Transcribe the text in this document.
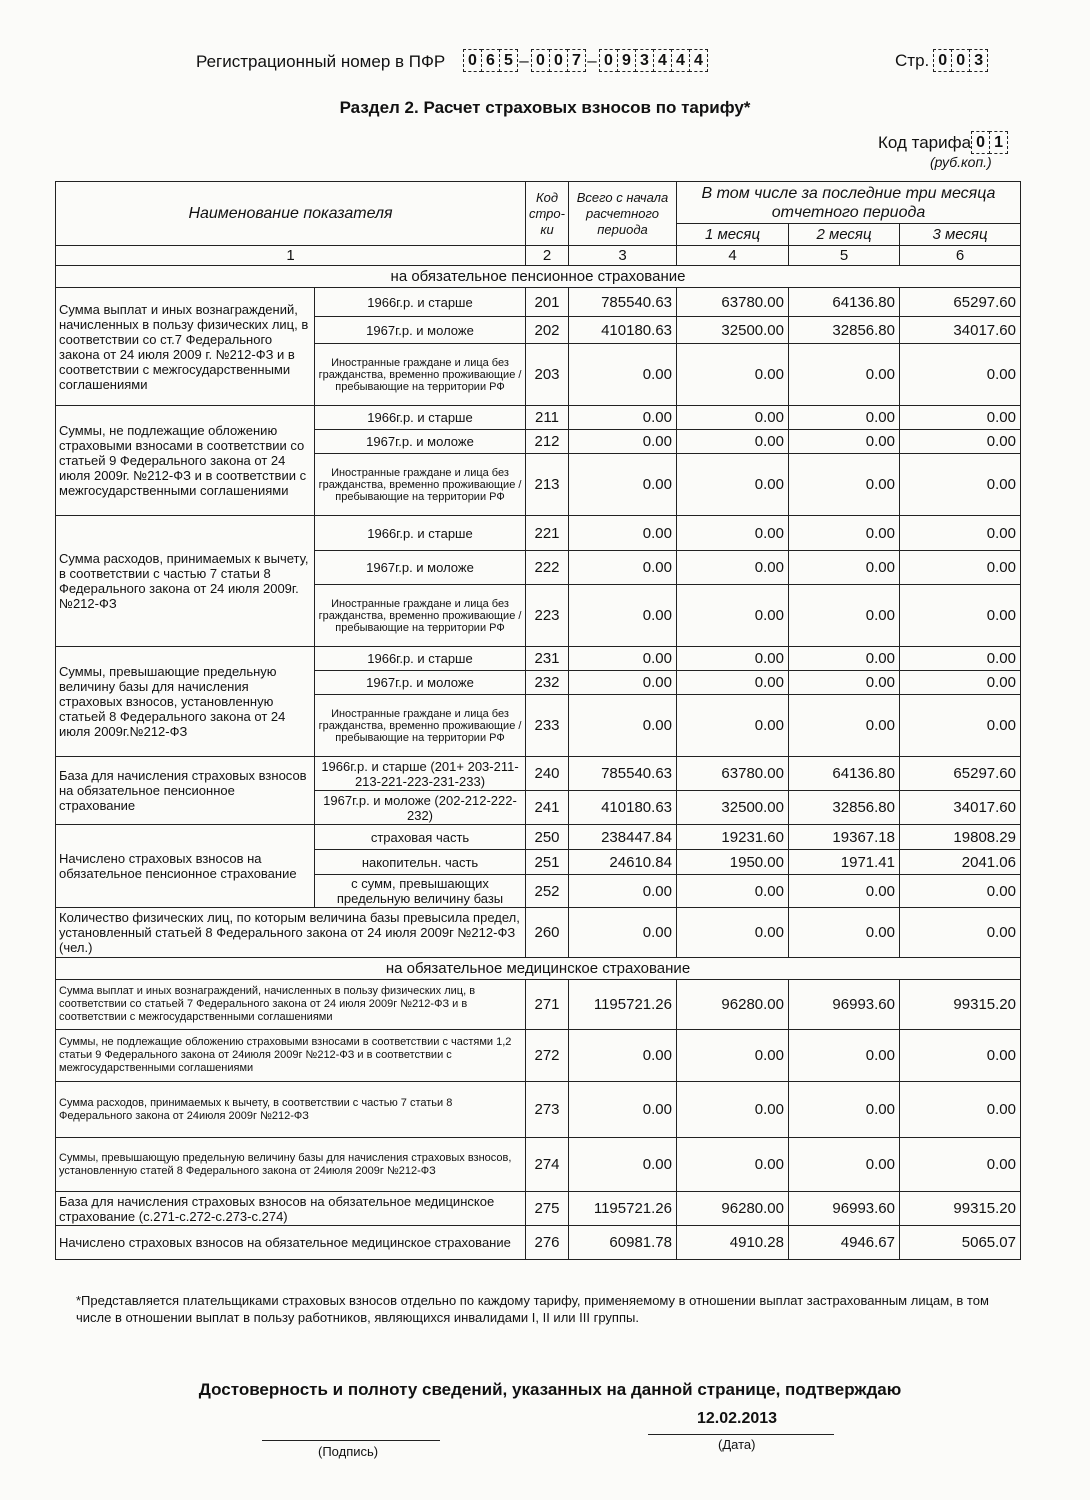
Регистрационный номер в ПФР	0 6 5 – 0 0 7 – 0 9 3 4 4 4	Стр. 0 0 3
Раздел 2. Расчет страховых взносов по тарифу*
Код тарифа 0 1
(руб.коп.)
Наименование показателя		Код стро-ки	Всего с начала расчетного периода	В том числе за последние три месяца отчетного периода		
				1 месяц	2 месяц	3 месяц
1		2	3	4	5	6
на обязательное пенсионное страхование						
Сумма выплат и иных вознаграждений, начисленных в пользу физических лиц, в соответствии со ст.7 Федерального закона от 24 июля 2009 г. №212-ФЗ и в соответствии с межгосударственными соглашениями	1966г.р. и старше	201	785540.63	63780.00	64136.80	65297.60
	1967г.р. и моложе	202	410180.63	32500.00	32856.80	34017.60
	Иностранные граждане и лица без гражданства, временно проживающие / пребывающие на территории РФ	203	0.00	0.00	0.00	0.00
Суммы, не подлежащие обложению страховыми взносами в соответствии со статьей 9 Федерального закона от 24 июля 2009г. №212-ФЗ и в соответствии с межгосударственными соглашениями	1966г.р. и старше	211	0.00	0.00	0.00	0.00
	1967г.р. и моложе	212	0.00	0.00	0.00	0.00
	Иностранные граждане и лица без гражданства, временно проживающие / пребывающие на территории РФ	213	0.00	0.00	0.00	0.00
Сумма расходов, принимаемых к вычету, в соответствии с частью 7 статьи 8 Федерального закона от 24 июля 2009г. №212-ФЗ	1966г.р. и старше	221	0.00	0.00	0.00	0.00
	1967г.р. и моложе	222	0.00	0.00	0.00	0.00
	Иностранные граждане и лица без гражданства, временно проживающие / пребывающие на территории РФ	223	0.00	0.00	0.00	0.00
Суммы, превышающие предельную величину базы для начисления страховых взносов, установленную статьей 8 Федерального закона от 24 июля 2009г.№212-ФЗ	1966г.р. и старше	231	0.00	0.00	0.00	0.00
	1967г.р. и моложе	232	0.00	0.00	0.00	0.00
	Иностранные граждане и лица без гражданства, временно проживающие / пребывающие на территории РФ	233	0.00	0.00	0.00	0.00
База для начисления страховых взносов на обязательное пенсионное страхование	1966г.р. и старше (201+ 203-211-213-221-223-231-233)	240	785540.63	63780.00	64136.80	65297.60
	1967г.р. и моложе (202-212-222-232)	241	410180.63	32500.00	32856.80	34017.60
Начислено страховых взносов на обязательное пенсионное страхование	страховая часть	250	238447.84	19231.60	19367.18	19808.29
	накопительн. часть	251	24610.84	1950.00	1971.41	2041.06
	с сумм, превышающих предельную величину базы	252	0.00	0.00	0.00	0.00
Количество физическиx лиц, по которым величина базы превысила предел, установленный статьей 8 Федерального закона от 24 июля 2009г №212-ФЗ (чел.)		260	0.00	0.00	0.00	0.00
на обязательное медицинское страхование						
Сумма выплат и иных вознаграждений, начисленных в пользу физических лиц, в соответствии со статьей 7 Федерального закона от 24 июля 2009г №212-ФЗ и в соответствии с межгосударственными соглашениями		271	1195721.26	96280.00	96993.60	99315.20
Суммы, не подлежащие обложению страховыми взносами в соответствии с частями 1,2 статьи 9 Федерального закона от 24июля 2009г №212-ФЗ и в соответствии с межгосударственными соглашениями		272	0.00	0.00	0.00	0.00
Сумма расходов, принимаемых к вычету, в соответствии с частью 7 статьи 8 Федерального закона от 24июля 2009г №212-ФЗ		273	0.00	0.00	0.00	0.00
Суммы, превышающую предельную величину базы для начисления страховых взносов, установленную статей 8 Федерального закона от 24июля 2009г №212-ФЗ		274	0.00	0.00	0.00	0.00
База для начисления страховых взносов на обязательное медицинское страхование (с.271-с.272-с.273-с.274)		275	1195721.26	96280.00	96993.60	99315.20
Начислено страховых взносов на обязательное медицинское страхование		276	60981.78	4910.28	4946.67	5065.07
*Представляется плательщиками страховых взносов отдельно по каждому тарифу, применяемому в отношении выплат застрахованным лицам, в том числе в отношении выплат в пользу работников, являющихся инвалидами I, II или III группы.
Достоверность и полноту сведений, указанных на данной странице, подтверждаю
12.02.2013
(Подпись)	(Дата)
